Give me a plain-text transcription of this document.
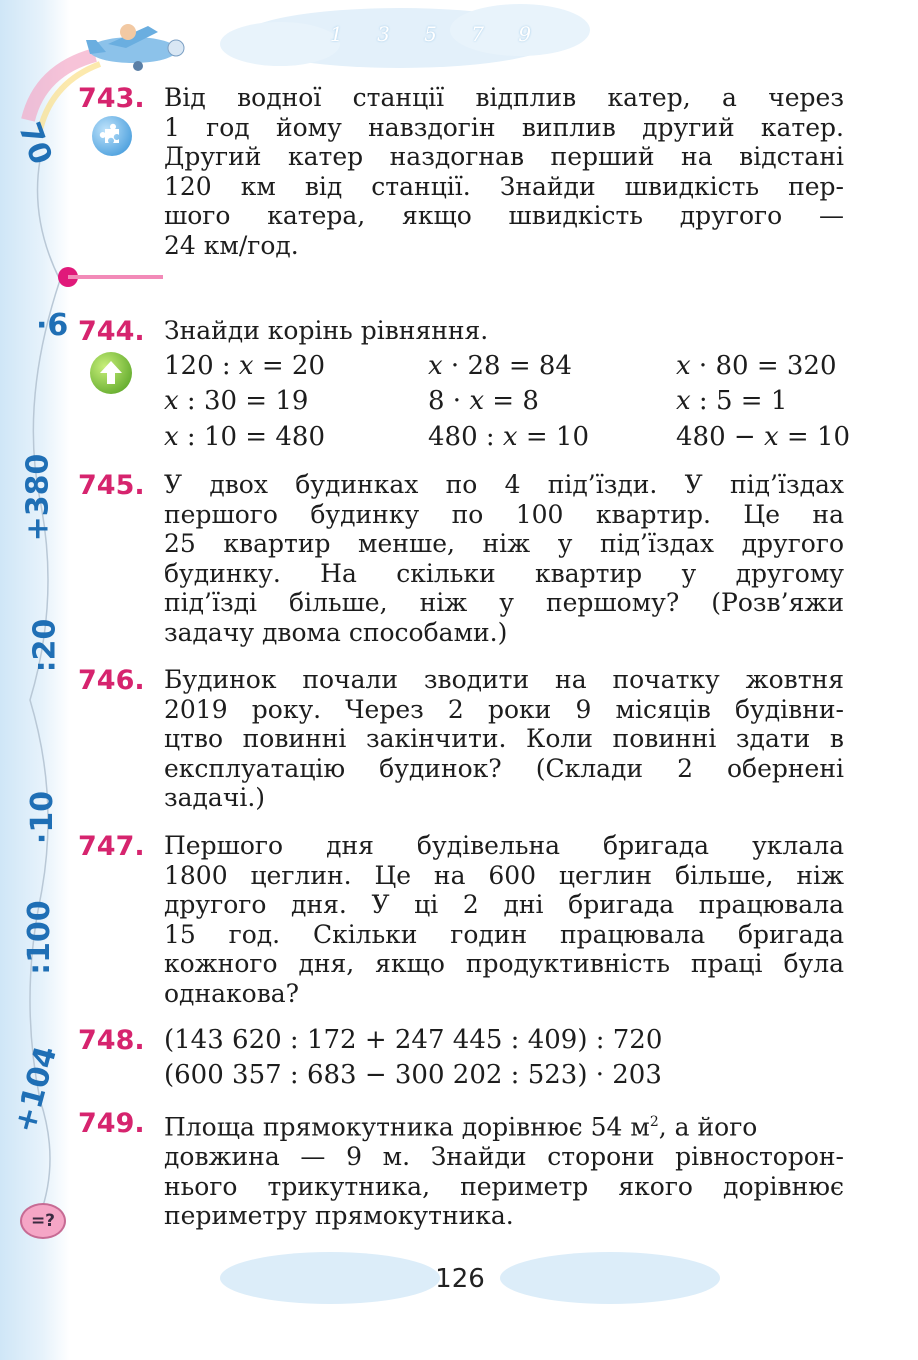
1 3 5 7 9
70
·6
+380
:20
·10
:100
+104
=?
743. Від водної станції відплив катер, а через
1 год йому навздогін виплив другий катер.
Другий катер наздогнав перший на відстані
120 км від станції. Знайди швидкість пер-
шого катера, якщо швидкість другого —
24 км/год.
744. Знайди корінь рівняння.
120 : x = 20	x · 28 = 84	x · 80 = 320
x : 30 = 19	8 · x = 8	x : 5 = 1
x : 10 = 480	480 : x = 10	480 − x = 10
745. У двох будинках по 4 під’їзди. У під’їздах
першого будинку по 100 квартир. Це на
25 квартир менше, ніж у під’їздах другого
будинку. На скільки квартир у другому
під’їзді більше, ніж у першому? (Розв’яжи
задачу двома способами.)
746. Будинок почали зводити на початку жовтня
2019 року. Через 2 роки 9 місяців будівни-
цтво повинні закінчити. Коли повинні здати в
експлуатацію будинок? (Склади 2 обернені
задачі.)
747. Першого дня будівельна бригада уклала
1800 цеглин. Це на 600 цеглин більше, ніж
другого дня. У ці 2 дні бригада працювала
15 год. Скільки годин працювала бригада
кожного дня, якщо продуктивність праці була
однакова?
748. (143 620 : 172 + 247 445 : 409) : 720
(600 357 : 683 − 300 202 : 523) · 203
749. Площа прямокутника дорівнює 54 $м^2$, а його
довжина — 9 м. Знайди сторони рівносторон-
нього трикутника, периметр якого дорівнює
периметру прямокутника.
126
